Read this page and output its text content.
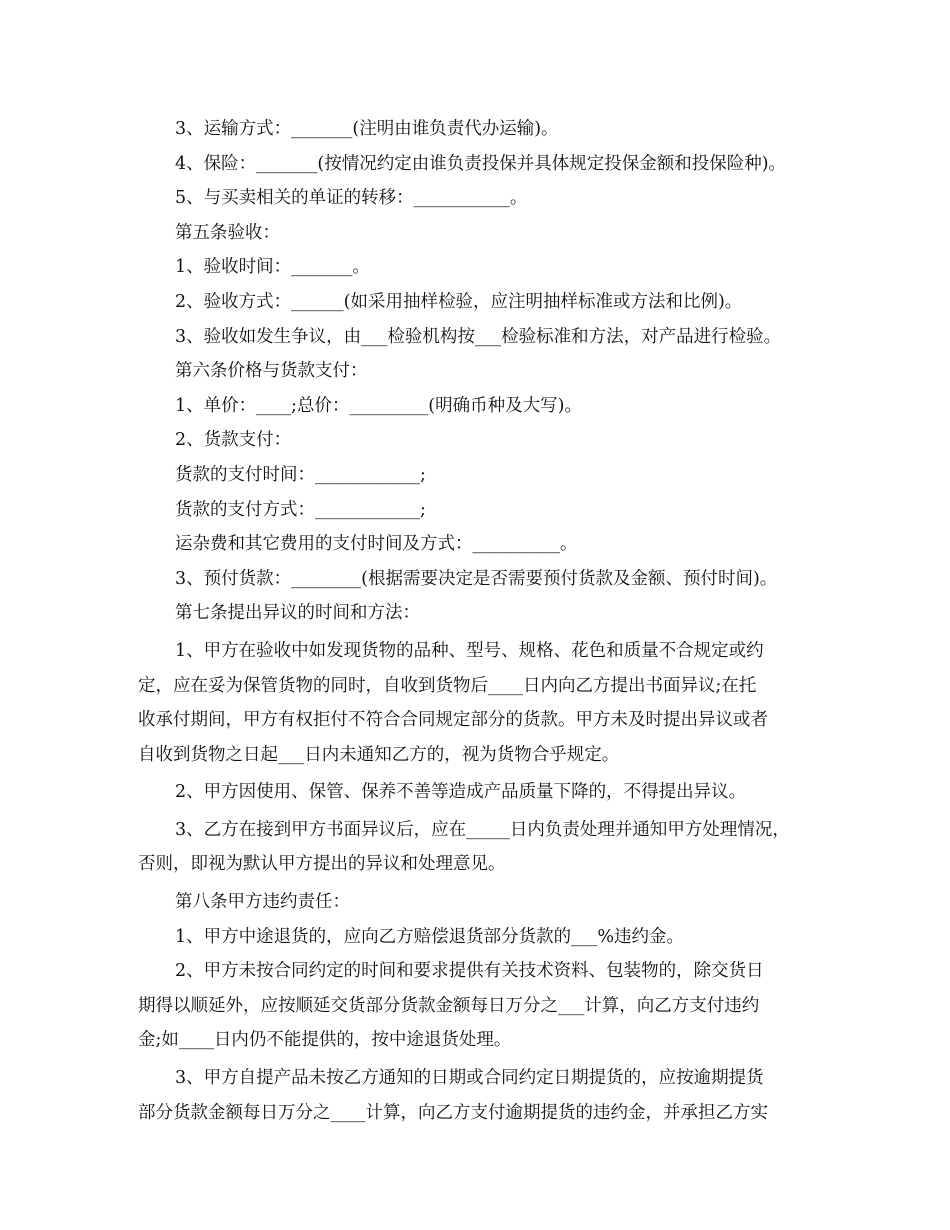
3、运输方式：_______(注明由谁负责代办运输)。
4、保险：_______(按情况约定由谁负责投保并具体规定投保金额和投保险种)。
5、与买卖相关的单证的转移：___________。
第五条验收：
1、验收时间：_______。
2、验收方式：______(如采用抽样检验，应注明抽样标准或方法和比例)。
3、验收如发生争议，由___检验机构按___检验标准和方法，对产品进行检验。
第六条价格与货款支付：
1、单价：____;总价：_________(明确币种及大写)。
2、货款支付：
货款的支付时间：____________;
货款的支付方式：____________;
运杂费和其它费用的支付时间及方式：__________。
3、预付货款：________(根据需要决定是否需要预付货款及金额、预付时间)。
第七条提出异议的时间和方法：
1、甲方在验收中如发现货物的品种、型号、规格、花色和质量不合规定或约
定，应在妥为保管货物的同时，自收到货物后____日内向乙方提出书面异议;在托
收承付期间，甲方有权拒付不符合合同规定部分的货款。甲方未及时提出异议或者
自收到货物之日起___日内未通知乙方的，视为货物合乎规定。
2、甲方因使用、保管、保养不善等造成产品质量下降的，不得提出异议。
3、乙方在接到甲方书面异议后，应在_____日内负责处理并通知甲方处理情况，
否则，即视为默认甲方提出的异议和处理意见。
第八条甲方违约责任：
1、甲方中途退货的，应向乙方赔偿退货部分货款的___%违约金。
2、甲方未按合同约定的时间和要求提供有关技术资料、包装物的，除交货日
期得以顺延外，应按顺延交货部分货款金额每日万分之___计算，向乙方支付违约
金;如____日内仍不能提供的，按中途退货处理。
3、甲方自提产品未按乙方通知的日期或合同约定日期提货的，应按逾期提货
部分货款金额每日万分之____计算，向乙方支付逾期提货的违约金，并承担乙方实
